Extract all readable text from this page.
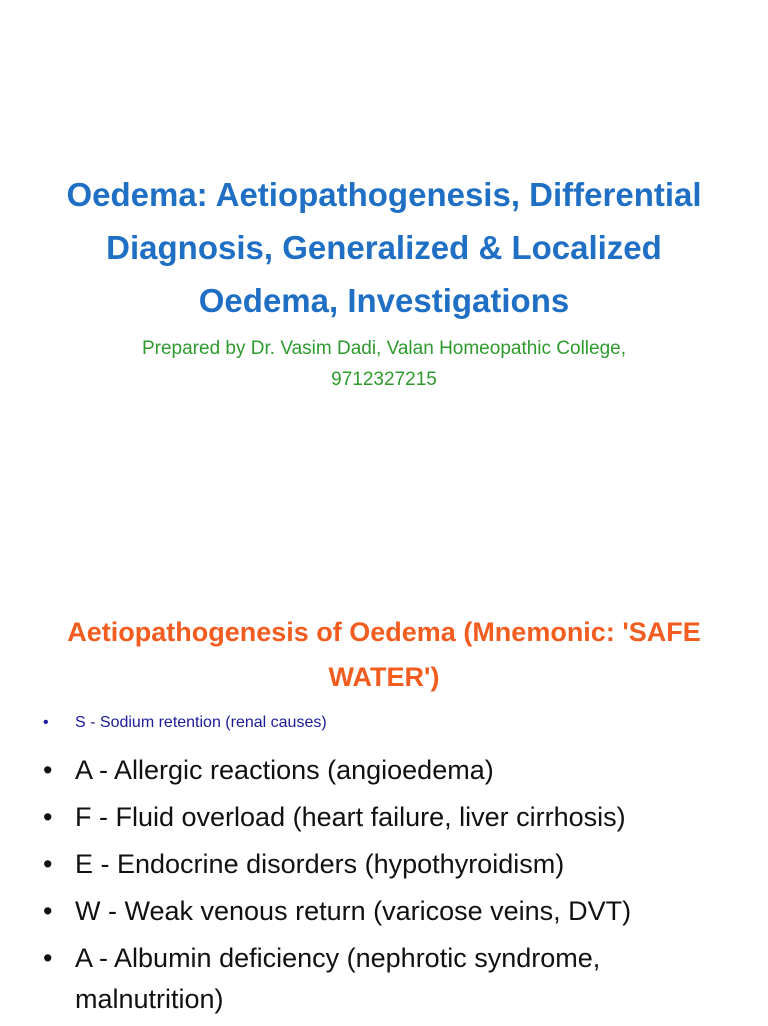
Oedema: Aetiopathogenesis, Differential Diagnosis, Generalized & Localized Oedema, Investigations
Prepared by Dr. Vasim Dadi, Valan Homeopathic College, 9712327215
Aetiopathogenesis of Oedema (Mnemonic: 'SAFE WATER')
• S - Sodium retention (renal causes)
• A - Allergic reactions (angioedema)
• F - Fluid overload (heart failure, liver cirrhosis)
• E - Endocrine disorders (hypothyroidism)
• W - Weak venous return (varicose veins, DVT)
• A - Albumin deficiency (nephrotic syndrome, malnutrition)
